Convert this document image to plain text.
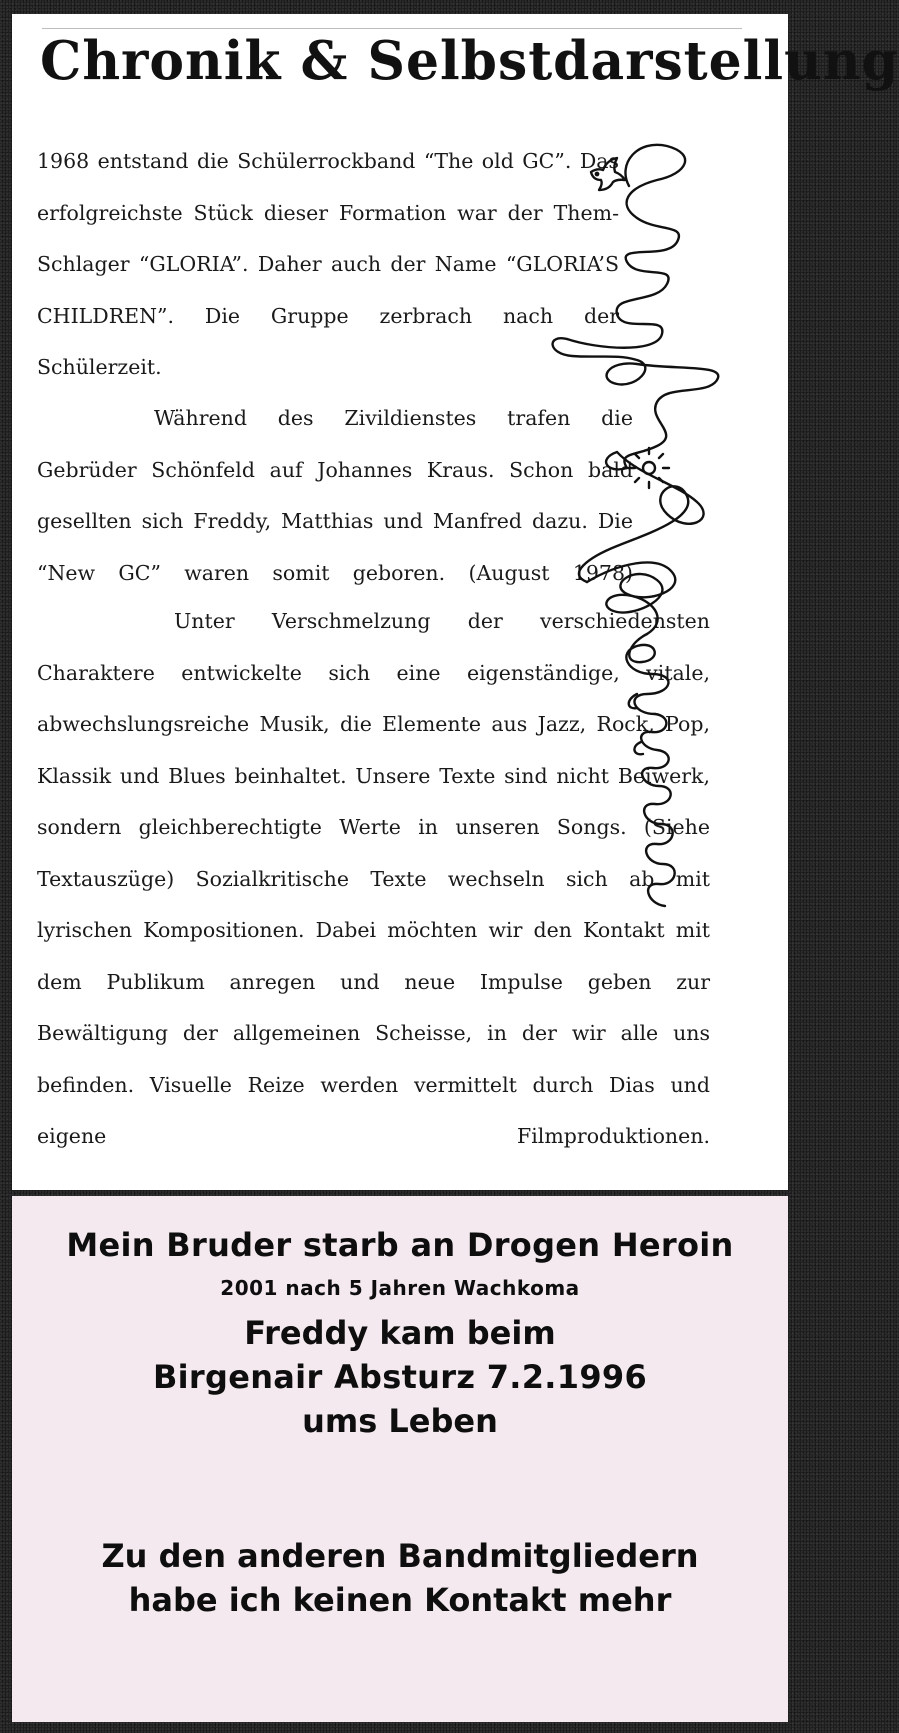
Chronik & Selbstdarstellung

1968 entstand die Schülerrockband “The old GC”. Das erfolgreichste Stück dieser Formation war der Them-Schlager “GLORIA”. Daher auch der Name “GLORIA’S CHILDREN”. Die Gruppe zerbrach nach der Schülerzeit.

Während des Zivildienstes trafen die Gebrüder Schönfeld auf Johannes Kraus. Schon bald gesellten sich Freddy, Matthias und Manfred dazu. Die “New GC” waren somit geboren. (August 1978)

Unter Verschmelzung der verschiedensten Charaktere entwickelte sich eine eigenständige, vitale, abwechslungsreiche Musik, die Elemente aus Jazz, Rock, Pop, Klassik und Blues beinhaltet. Unsere Texte sind nicht Beiwerk, sondern gleichberechtigte Werte in unseren Songs. (Siehe Textauszüge) Sozialkritische Texte wechseln sich ab mit lyrischen Kompositionen. Dabei möchten wir den Kontakt mit dem Publikum anregen und neue Impulse geben zur Bewältigung der allgemeinen Scheisse, in der wir alle uns befinden. Visuelle Reize werden vermittelt durch Dias und eigene Filmproduktionen.

Mein Bruder starb an Drogen Heroin

2001 nach 5 Jahren Wachkoma

Freddy kam beim

Birgenair Absturz 7.2.1996

ums Leben

Zu den anderen Bandmitgliedern

habe ich keinen Kontakt mehr
